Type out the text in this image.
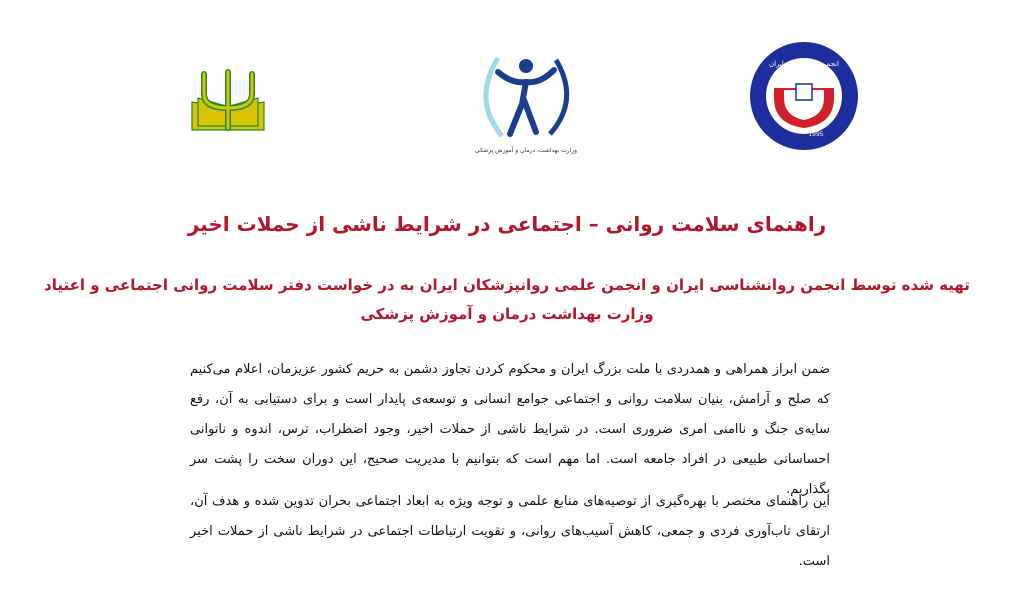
وزارت بهداشت، درمان و آموزش پزشکی
انجمن روانشناسی ایران
1995
راهنمای سلامت روانی – اجتماعی در شرایط ناشی از حملات اخیر
تهیه شده توسط انجمن روانشناسی ایران و انجمن علمی روانپزشکان ایران به در خواست دفتر سلامت روانی اجتماعی و اعتیاد
وزارت بهداشت درمان و آموزش پزشکی
ضمن ابراز همراهی و همدردی با ملت بزرگ ایران و محکوم کردن تجاوز دشمن به حریم کشور عزیزمان، اعلام می‌کنیم که صلح و آرامش، بنیان سلامت روانی و اجتماعی جوامع انسانی و توسعه‌ی پایدار است و برای دستیابی به آن، رفع سایه‌ی جنگ و ناامنی امری ضروری است. در شرایط ناشی از حملات اخیر، وجود اضطراب، ترس، اندوه و ناتوانی احساساتی طبیعی در افراد جامعه است. اما مهم است که بتوانیم با مدیریت صحیح، این دوران سخت را پشت سر بگذاریم.
این راهنمای مختصر با بهره‌گیری از توصیه‌های منابع علمی و توجه ویژه به ابعاد اجتماعی بحران تدوین شده و هدف آن، ارتقای تاب‌آوری فردی و جمعی، کاهش آسیب‌های روانی، و تقویت ارتباطات اجتماعی در شرایط ناشی از حملات اخیر است.
